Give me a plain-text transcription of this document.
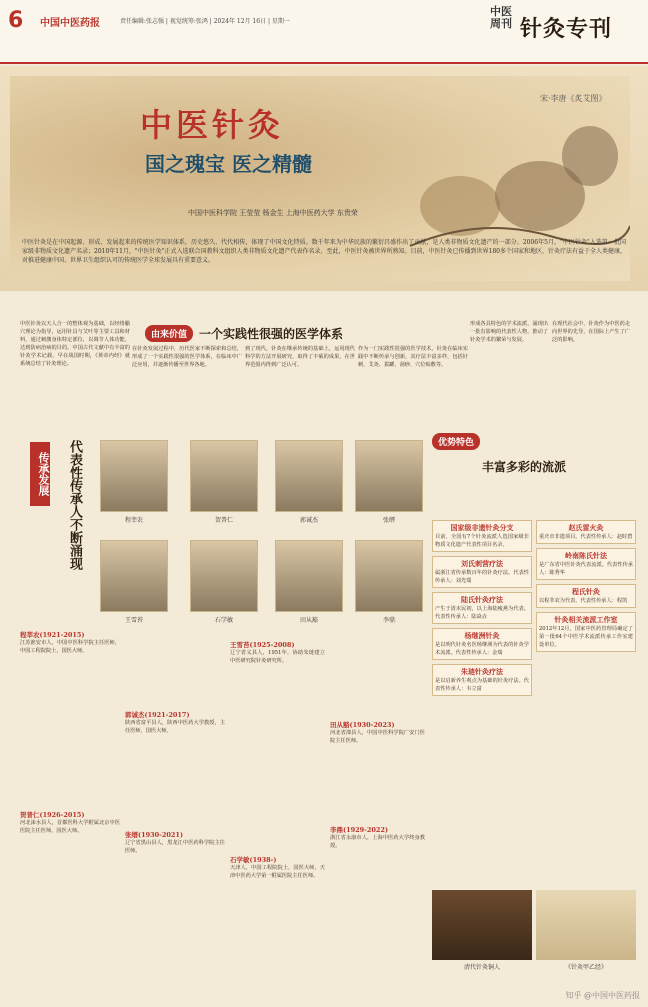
6 中国中医药报	责任编辑:张志强 | 视觉统筹:张鸿 | 2024年 12月 16日 | 星期一
中医周刊 针灸专刊
中医针灸
国之瑰宝 医之精髓
中国中医科学院 王莹莹 杨金生 上海中医药大学 东贵荣
宋·李唐《炙艾图》
中医针灸是在中国起源、形成、发展起来的传统医学知识体系，历史悠久、代代相传，体现了中国文化特质。数千年来为中华民族的繁衍昌盛作出了贡献，是人类非物质文化遗产的一部分。2006年5月，"中医针灸"入选第一批国家级非物质文化遗产名录；2010年11月，"中医针灸"正式入选联合国教科文组织人类非物质文化遗产代表作名录，至此，中医针灸被世界所熟知。目前，中医针灸已传播到世界180多个国家和地区，针灸疗法有益于全人类健康，对推进健康中国、世界卫生组织认可的传统医学全球发展具有重要意义。
由来价值	一个实践性很强的医学体系
中医针灸以天人合一的整体观为基础，以经络腧穴理论为指导，运用针具与艾叶等主要工具和材料，通过刺激身体特定部位，以调节人体功能，达到防病治病的目的。中国古代文献中有丰富的针灸学术记载，早在战国时期，《黄帝内经》就系统总结了针灸理论。
在针灸发展过程中，历代医家不断探索和总结，形成了一个实践性很强的医学体系，在临床中广泛应用，并逐渐传播至世界各地。
到了现代，针灸在继承传统的基础上，运用现代科学的方法开展研究，取得了丰硕的成果，在世界范围内得到广泛认可。
作为一门实践性很强的医学技术，针灸在临床实践中不断传承与创新，其疗法丰富多样，包括针刺、艾灸、拔罐、刮痧、穴位贴敷等。
形成各具特色的学术流派，涌现出一批有影响的代表性人物，推动了针灸学术的繁荣与发展。
在现代社会中，针灸作为中医药走向世界的先导，在国际上产生了广泛的影响。
传承发展	代表性传承人不断涌现	程莘农	贺普仁	郭诚杰	张缙
王雪苔	石学敏	田从豁	李鼎
程莘农(1921-2015)
江苏淮安市人，中国中医科学院主任医师，中国工程院院士，国医大师。
贺普仁(1926-2015)
河北涞水县人，首都医科大学附属北京中医医院主任医师，国医大师。
郭诚杰(1921-2017)
陕西省富平县人，陕西中医药大学教授，主任医师，国医大师。
张缙(1930-2021)
辽宁省黑山县人，黑龙江中医药科学院主任医师。
王雪苔(1925-2008)
辽宁省义县人，1951年，协助朱琏建立中医研究院针灸研究所。
石学敏(1938-)
天津人，中国工程院院士，国医大师，天津中医药大学第一附属医院主任医师。
田从豁(1930-2023)
河北省滦县人，中国中医科学院广安门医院主任医师。
李鼎(1929-2022)
浙江省永康市人，上海中医药大学终身教授。
优势特色
丰富多彩的流派
国家级非遗针灸分支
目前，全国有7个针灸流派人选国家级非物质文化遗产代表性项目名录。
刘氏刺营疗法
属浙江省传承数百年的针灸疗法。代表性传承人：刘光瑞
陆氏针灸疗法
产生于清末民初，以上海陆瘦燕为代表。代表性传承人：陆焱垚
杨继洲针灸
是以明代针灸名医杨继洲为代表的针灸学术流派。代表性传承人：金瑞
朱琏针灸疗法
是以启新养生观点为基础的针灸疗法。代表性传承人：韦立富
赵氏雷火灸
重庆市非遗项目。代表性传承人：赵时碧
岭南陈氏针法
是广东省中医针灸代表流派。代表性传承人：陈秀华
程氏针灸
以程莘农为代表。代表性传承人：程凯
针灸相关流派工作室
2012年12月，国家中医药管理局确定了第一批64个中医学术流派传承工作室建设单位。
清代针灸铜人	《针灸甲乙经》
知乎 @中国中医药报
